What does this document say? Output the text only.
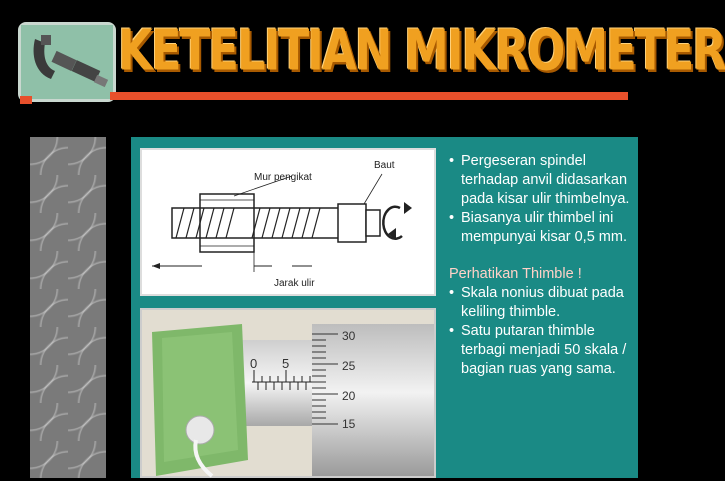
KETELITIAN MIKROMETER
Mur pengikat
Baut
Jarak ulir
0 5
30
25
20
15
• Pergeseran spindel terhadap anvil didasarkan pada kisar ulir thimbelnya.
• Biasanya ulir thimbel ini mempunyai kisar 0,5 mm.

Perhatikan Thimble !

• Skala nonius dibuat pada keliling thimble.
• Satu putaran thimble terbagi menjadi 50 skala / bagian ruas yang sama.
